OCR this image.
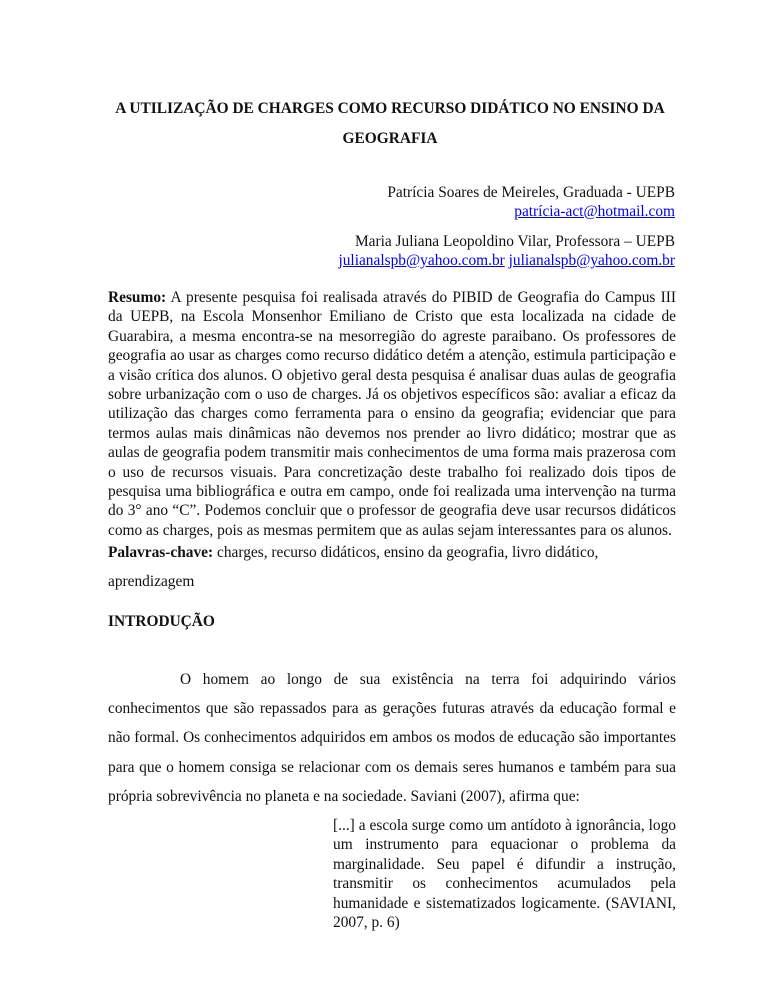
A UTILIZAÇÃO DE CHARGES COMO RECURSO DIDÁTICO NO ENSINO DA
GEOGRAFIA
Patrícia Soares de Meireles, Graduada - UEPB
patrícia-act@hotmail.com
Maria Juliana Leopoldino Vilar, Professora – UEPB
julianalspb@yahoo.com.br julianalspb@yahoo.com.br
Resumo: A presente pesquisa foi realisada através do PIBID de Geografia do Campus III da UEPB, na Escola Monsenhor Emiliano de Cristo que esta localizada na cidade de Guarabira, a mesma encontra-se na mesorregião do agreste paraibano. Os professores de geografia ao usar as charges como recurso didático detém a atenção, estimula participação e a visão crítica dos alunos. O objetivo geral desta pesquisa é analisar duas aulas de geografia sobre urbanização com o uso de charges. Já os objetivos específicos são: avaliar a eficaz da utilização das charges como ferramenta para o ensino da geografia; evidenciar que para termos aulas mais dinâmicas não devemos nos prender ao livro didático; mostrar que as aulas de geografia podem transmitir mais conhecimentos de uma forma mais prazerosa com o uso de recursos visuais. Para concretização deste trabalho foi realizado dois tipos de pesquisa uma bibliográfica e outra em campo, onde foi realizada uma intervenção na turma do 3° ano “C”. Podemos concluir que o professor de geografia deve usar recursos didáticos como as charges, pois as mesmas permitem que as aulas sejam interessantes para os alunos.
Palavras-chave: charges, recurso didáticos, ensino da geografia, livro didático,
aprendizagem
INTRODUÇÃO
O homem ao longo de sua existência na terra foi adquirindo vários conhecimentos que são repassados para as gerações futuras através da educação formal e não formal. Os conhecimentos adquiridos em ambos os modos de educação são importantes para que o homem consiga se relacionar com os demais seres humanos e também para sua própria sobrevivência no planeta e na sociedade. Saviani (2007), afirma que:
[...] a escola surge como um antídoto à ignorância, logo um instrumento para equacionar o problema da marginalidade. Seu papel é difundir a instrução, transmitir os conhecimentos acumulados pela humanidade e sistematizados logicamente. (SAVIANI, 2007, p. 6)
